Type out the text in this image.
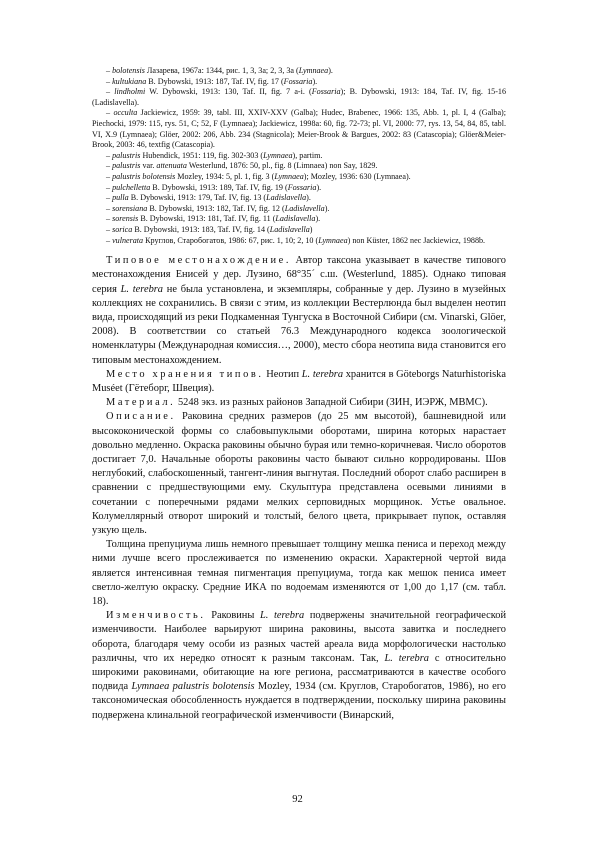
– bolotensis Лазарева, 1967a: 1344, рис. 1, 3, 3а; 2, 3, 3а (Lymnaea).

– kultukiana B. Dybowski, 1913: 187, Taf. IV, fig. 17 (Fossaria).

– lindholmi W. Dybowski, 1913: 130, Taf. II, fig. 7 a-i. (Fossaria); B. Dybowski, 1913: 184, Taf. IV, fig. 15-16 (Ladislavella).

– occulta Jackiewicz, 1959: 39, tabl. III, XXIV-XXV (Galba); Hudec, Brabenec, 1966: 135, Abb. 1, pl. I, 4 (Galba); Piechocki, 1979: 115, rys. 51, C; 52, F (Lymnaea); Jackiewicz, 1998a: 60, fig. 72-73; pl. VI, 2000: 77, rys. 13, 54, 84, 85, tabl. VI, X.9 (Lymnaea); Glöer, 2002: 206, Abb. 234 (Stagnicola); Meier-Brook & Bargues, 2002: 83 (Catascopia); Glöer&Meier-Brook, 2003: 46, textfig (Catascopia).

– palustris Hubendick, 1951: 119, fig. 302-303 (Lymnaea), partim.

– palustris var. attenuata Westerlund, 1876: 50, pl., fig. 8 (Limnaea) non Say, 1829.

– palustris bolotensis Mozley, 1934: 5, pl. 1, fig. 3 (Lymnaea); Mozley, 1936: 630 (Lymnaea).

– pulchelletta B. Dybowski, 1913: 189, Taf. IV, fig. 19 (Fossaria).

– pulla B. Dybowski, 1913: 179, Taf. IV, fig. 13 (Ladislavella).

– sorensiana B. Dybowski, 1913: 182, Taf. IV, fig. 12 (Ladislavella).

– sorensis B. Dybowski, 1913: 181, Taf. IV, fig. 11 (Ladislavella).

– sorica B. Dybowski, 1913: 183, Taf. IV, fig. 14 (Ladislavella)

– vulnerata Круглов, Старобогатов, 1986: 67, рис. 1, 10; 2, 10 (Lymnaea) non Küster, 1862 nec Jackiewicz, 1988b.

Типовое местонахождение. Автор таксона указывает в качестве типового местонахождения Енисей у дер. Лузино, 68°35´ с.ш. (Westerlund, 1885). Однако типовая серия L. terebra не была установлена, и экземпляры, собранные у дер. Лузино в музейных коллекциях не сохранились. В связи с этим, из коллекции Вестерлюнда был выделен неотип вида, происходящий из реки Подкаменная Тунгуска в Восточной Сибири (см. Vinarski, Glöer, 2008). В соответствии со статьей 76.3 Международного кодекса зоологической номенклатуры (Международная комиссия…, 2000), место сбора неотипа вида становится его типовым местонахождением.

Место хранения типов. Неотип L. terebra хранится в Göteborgs Naturhistoriska Muséet (Гётеборг, Швеция).

Материал. 5248 экз. из разных районов Западной Сибири (ЗИН, ИЭРЖ, МВМС).

Описание. Раковина средних размеров (до 25 мм высотой), башневидной или высококонической формы со слабовыпуклыми оборотами, ширина которых нарастает довольно медленно. Окраска раковины обычно бурая или темно-коричневая. Число оборотов достигает 7,0. Начальные обороты раковины часто бывают сильно корродированы. Шов неглубокий, слабоскошенный, тангент-линия выгнутая. Последний оборот слабо расширен в сравнении с предшествующими ему. Скульптура представлена осевыми линиями в сочетании с поперечными рядами мелких серповидных морщинок. Устье овальное. Колумеллярный отворот широкий и толстый, белого цвета, прикрывает пупок, оставляя узкую щель.

Толщина препуциума лишь немного превышает толщину мешка пениса и переход между ними лучше всего прослеживается по изменению окраски. Характерной чертой вида является интенсивная темная пигментация препуциума, тогда как мешок пениса имеет светло-желтую окраску. Средние ИКА по водоемам изменяются от 1,00 до 1,17 (см. табл. 18).

Изменчивость. Раковины L. terebra подвержены значительной географической изменчивости. Наиболее варьируют ширина раковины, высота завитка и последнего оборота, благодаря чему особи из разных частей ареала вида морфологически настолько различны, что их нередко относят к разным таксонам. Так, L. terebra с относительно широкими раковинами, обитающие на юге региона, рассматриваются в качестве особого подвида Lymnaea palustris bolotensis Mozley, 1934 (см. Круглов, Старобогатов, 1986), но его таксономическая обособленность нуждается в подтверждении, поскольку ширина раковины подвержена клинальной географической изменчивости (Винарский,

92
